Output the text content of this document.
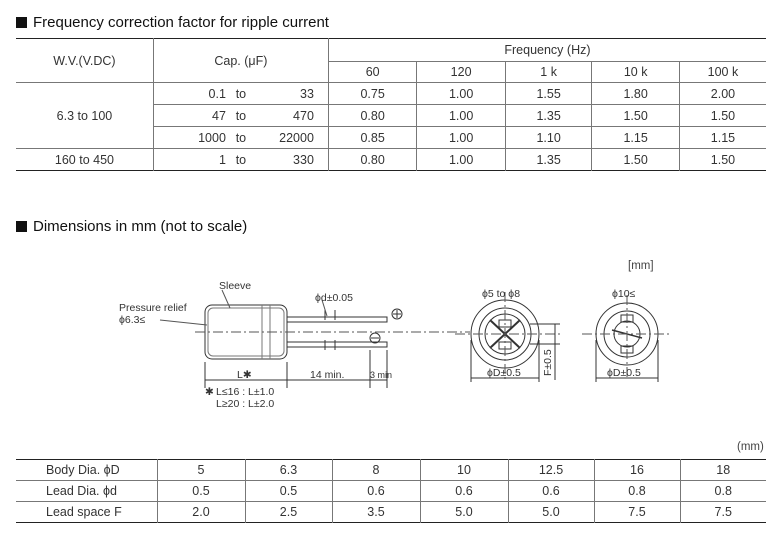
Frequency correction factor for ripple current
W.V.(V.DC)	Cap. (μF)	Frequency (Hz)				
		60	120	1 k	10 k	100 k
6.3 to 100	0.1 to 33	0.75	1.00	1.55	1.80	2.00

	47 to 470	0.80	1.00	1.35	1.50	1.50

	1000 to 22000	0.85	1.00	1.10	1.15	1.15
160 to 450	1 to 330	0.80	1.00	1.35	1.50	1.50
Dimensions in mm (not to scale)
[mm]
Sleeve
Pressure relief
ϕ6.3≤
ϕd±0.05
L✱	14 min.	3 min
✱ L≤16 : L±1.0
L≥20 : L±2.0
ϕ5 to ϕ8
ϕD±0.5 F±0.5
ϕ10≤
ϕD±0.5
(mm)
Body Dia. ϕD	5	6.3	8	10	12.5	16	18
Lead Dia. ϕd	0.5	0.5	0.6	0.6	0.6	0.8	0.8
Lead space F	2.0	2.5	3.5	5.0	5.0	7.5	7.5
